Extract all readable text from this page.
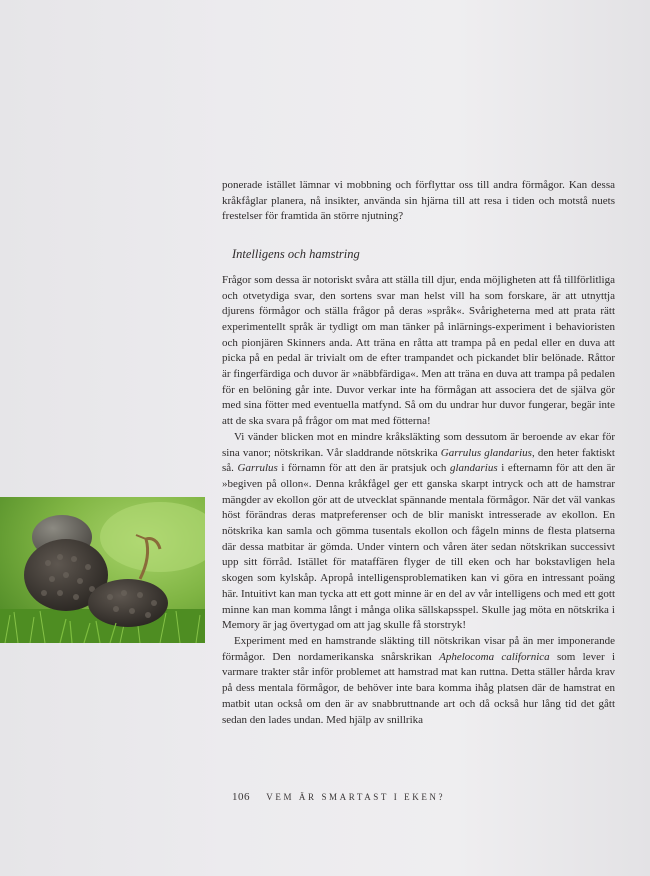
ponerade istället lämnar vi mobbning och förflyttar oss till andra förmågor. Kan dessa kråkfåglar planera, nå insikter, använda sin hjärna till att resa i tiden och motstå nuets frestelser för framtida än större njutning?

Intelligens och hamstring

Frågor som dessa är notoriskt svåra att ställa till djur, enda möjligheten att få tillförlitliga och otvetydiga svar, den sortens svar man helst vill ha som forskare, är att utnyttja djurens förmågor och ställa frågor på deras »språk«. Svårigheterna med att prata rätt experimentellt språk är tydligt om man tänker på inlärnings-experiment i behavioristen och pionjären Skinners anda. Att träna en råtta att trampa på en pedal eller en duva att picka på en pedal är trivialt om de efter trampandet och pickandet blir belönade. Råttor är fingerfärdiga och duvor är »näbbfärdiga«. Men att träna en duva att trampa på pedalen för en belöning går inte. Duvor verkar inte ha förmågan att associera det de själva gör med sina fötter med eventuella matfynd. Så om du undrar hur duvor fungerar, begär inte att de ska svara på frågor om mat med fötterna!

Vi vänder blicken mot en mindre kråksläkting som dessutom är beroende av ekar för sina vanor; nötskrikan. Vår sladdrande nötskrika Garrulus glandarius, den heter faktiskt så. Garrulus i förnamn för att den är pratsjuk och glandarius i efternamn för att den är »begiven på ollon«. Denna kråkfågel ger ett ganska skarpt intryck och att de hamstrar mängder av ekollon gör att de utvecklat spännande mentala förmågor. När det väl vankas höst förändras deras matpreferenser och de blir maniskt intresserade av ekollon. En nötskrika kan samla och gömma tusentals ekollon och fågeln minns de flesta platserna där dessa matbitar är gömda. Under vintern och våren äter sedan nötskrikan successivt upp sitt förråd. Istället för mataffären flyger de till eken och har bokstavligen hela skogen som kylskåp. Apropå intelligensproblematiken kan vi göra en intressant poäng här. Intuitivt kan man tycka att ett gott minne är en del av vår intelligens och med ett gott minne kan man komma långt i många olika sällskapsspel. Skulle jag möta en nötskrika i Memory är jag övertygad om att jag skulle få storstryk!

Experiment med en hamstrande släkting till nötskrikan visar på än mer imponerande förmågor. Den nordamerikanska snårskrikan Aphelocoma californica som lever i varmare trakter står inför problemet att hamstrad mat kan ruttna. Detta ställer hårda krav på dess mentala förmågor, de behöver inte bara komma ihåg platsen där de hamstrat en matbit utan också om den är av snabbruttnande art och då också hur lång tid det gått sedan den lades undan. Med hjälp av snillrika

106 VEM ÄR SMARTAST I EKEN?
